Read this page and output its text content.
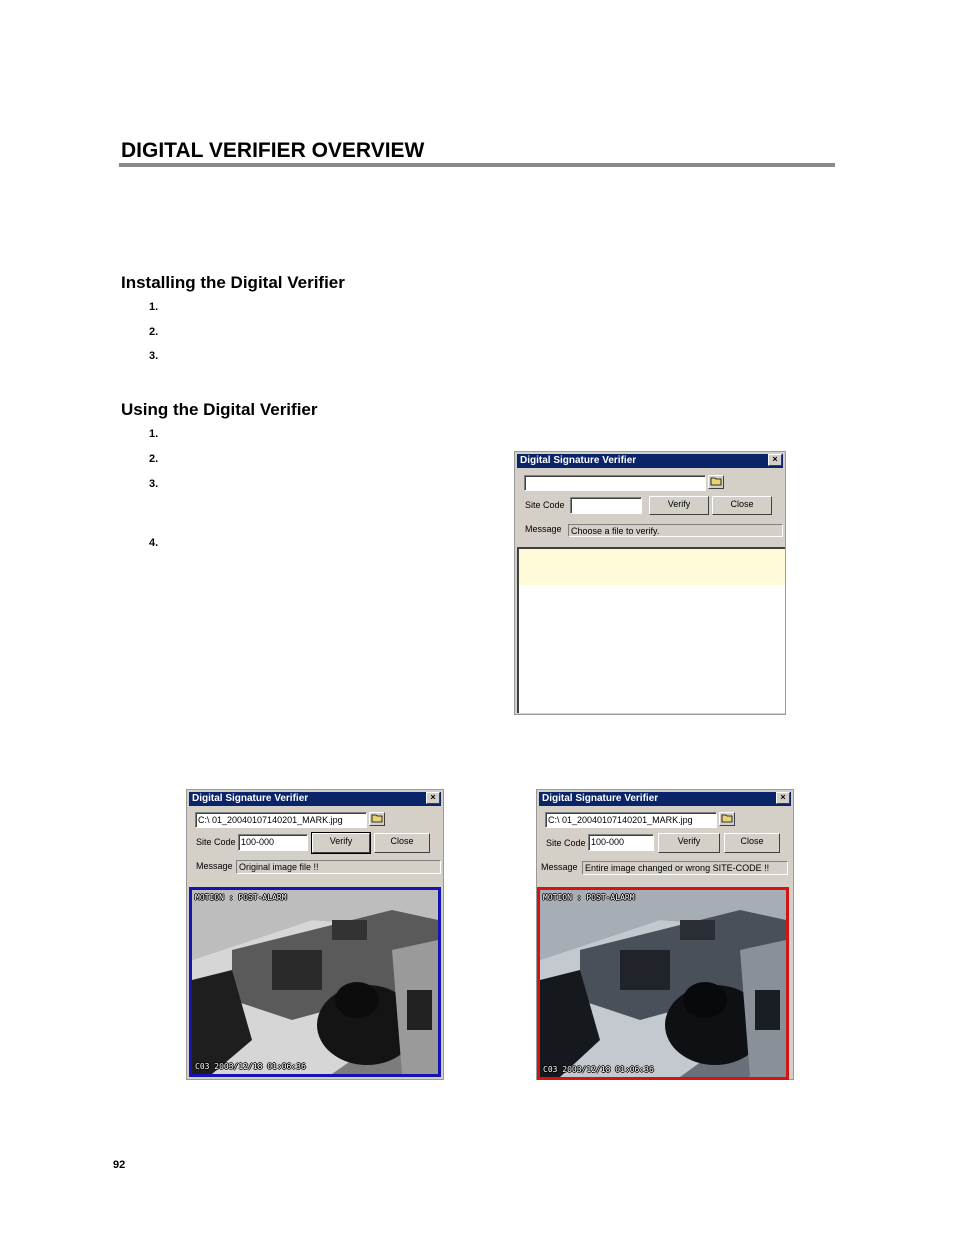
DIGITAL VERIFIER OVERVIEW
Installing the Digital Verifier
1.
2.
3.
Using the Digital Verifier
1.
2.
3.
4.
Digital Signature Verifier	×
Site Code	Verify	Close
Message	Choose a file to verify.
Digital Signature Verifier	×
C:\ 01_20040107140201_MARK.jpg
Site Code 100-000	Verify	Close
Message Original image file !!
MOTION : POST-ALARM
C03 2003/12/18 01:06:36
Digital Signature Verifier	×
C:\ 01_20040107140201_MARK.jpg
Site Code 100-000	Verify	Close
Message Entire image changed or wrong SITE-CODE !!
MOTION : POST-ALARM
C03 2003/12/18 01:06:36
92
